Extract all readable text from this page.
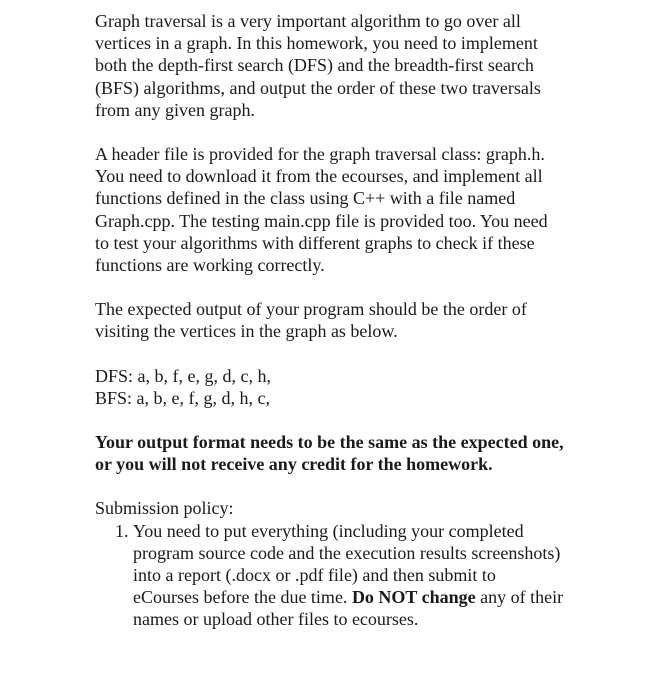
Graph traversal is a very important algorithm to go over all vertices in a graph. In this homework, you need to implement both the depth-first search (DFS) and the breadth-first search (BFS) algorithms, and output the order of these two traversals from any given graph.

A header file is provided for the graph traversal class: graph.h. You need to download it from the ecourses, and implement all functions defined in the class using C++ with a file named Graph.cpp. The testing main.cpp file is provided too. You need to test your algorithms with different graphs to check if these functions are working correctly.

The expected output of your program should be the order of visiting the vertices in the graph as below.

DFS: a, b, f, e, g, d, c, h,
BFS: a, b, e, f, g, d, h, c,

Your output format needs to be the same as the expected one, or you will not receive any credit for the homework.

Submission policy:
1. You need to put everything (including your completed program source code and the execution results screenshots) into a report (.docx or .pdf file) and then submit to eCourses before the due time. Do NOT change any of their names or upload other files to ecourses.
